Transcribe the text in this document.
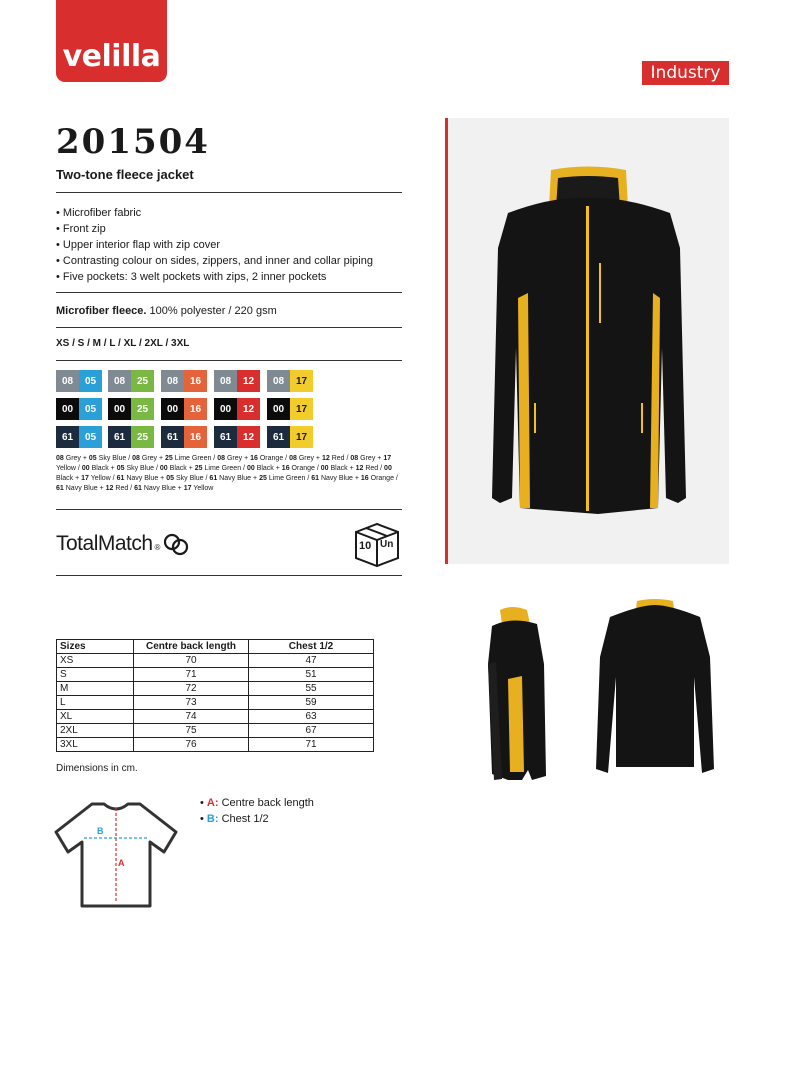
velilla	Industry
201504
Two-tone fleece jacket
• Microfiber fabric
• Front zip
• Upper interior flap with zip cover
• Contrasting colour on sides, zippers, and inner and collar piping
• Five pockets: 3 welt pockets with zips, 2 inner pockets
Microfiber fleece. 100% polyester / 220 gsm
XS / S / M / L / XL / 2XL / 3XL
08	05	08	25	08	16	08	12	08	17
00	05	00	25	00	16	00	12	00	17
61	05	61	25	61	16	61	12	61	17
08 Grey + 05 Sky Blue / 08 Grey + 25 Lime Green / 08 Grey + 16 Orange / 08 Grey + 12 Red / 08 Grey + 17 Yellow / 00 Black + 05 Sky Blue / 00 Black + 25 Lime Green / 00 Black + 16 Orange / 00 Black + 12 Red / 00 Black + 17 Yellow / 61 Navy Blue + 05 Sky Blue / 61 Navy Blue + 25 Lime Green / 61 Navy Blue + 16 Orange / 61 Navy Blue + 12 Red / 61 Navy Blue + 17 Yellow
TotalMatch ®	10 Un
Sizes	Centre back length	Chest 1/2
XS	70	47
S	71	51
M	72	55
L	73	59
XL	74	63
2XL	75	67
3XL	76	71
Dimensions in cm.
B
A
• A: Centre back length
• B: Chest 1/2
